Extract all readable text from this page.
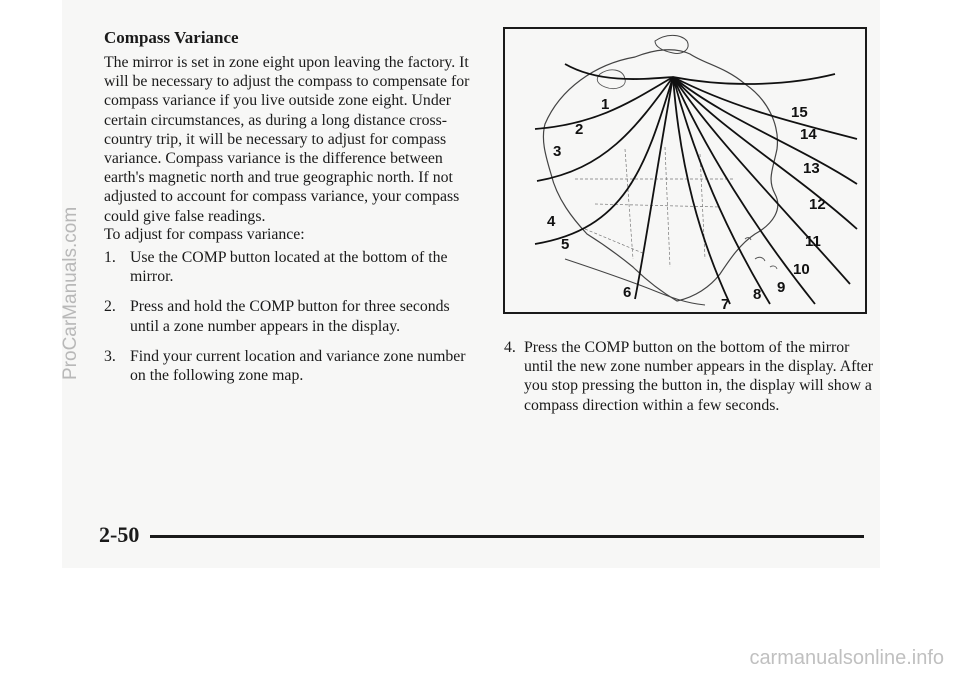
Compass Variance

The mirror is set in zone eight upon leaving the factory. It will be necessary to adjust the compass to compensate for compass variance if you live outside zone eight. Under certain circumstances, as during a long distance cross-country trip, it will be necessary to adjust for compass variance. Compass variance is the difference between earth's magnetic north and true geographic north. If not adjusted to account for compass variance, your compass could give false readings.

To adjust for compass variance:

1. Use the COMP button located at the bottom of the mirror.
2. Press and hold the COMP button for three seconds until a zone number appears in the display.
3. Find your current location and variance zone number on the following zone map.
1
2
3
4
5
6
7
8 9
10
11
12
13
14
15
4. Press the COMP button on the bottom of the mirror until the new zone number appears in the display. After you stop pressing the button in, the display will show a compass direction within a few seconds.
2-50
ProCarManuals.com
carmanualsonline.info
